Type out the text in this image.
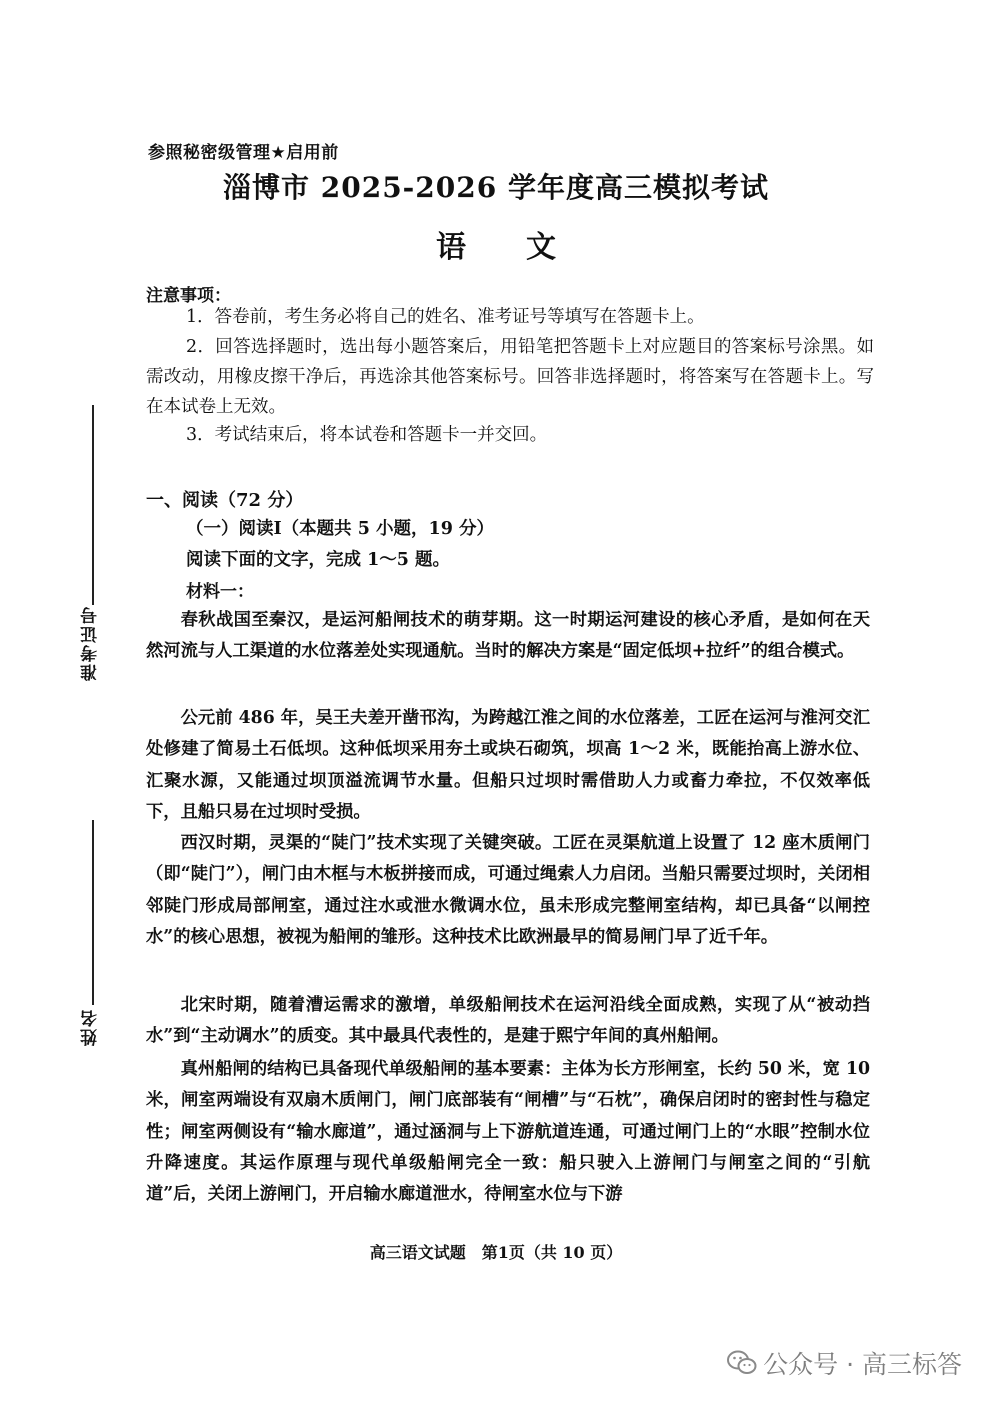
参照秘密级管理★启用前
淄博市 2025-2026 学年度高三模拟考试
语文
注意事项：
1．答卷前，考生务必将自己的姓名、准考证号等填写在答题卡上。
2．回答选择题时，选出每小题答案后，用铅笔把答题卡上对应题目的答案标号涂黑。如需改动，用橡皮擦干净后，再选涂其他答案标号。回答非选择题时，将答案写在答题卡上。写在本试卷上无效。
3．考试结束后，将本试卷和答题卡一并交回。
一、阅读（72 分）
（一）阅读Ⅰ（本题共 5 小题，19 分）
阅读下面的文字，完成 1～5 题。
材料一：
春秋战国至秦汉，是运河船闸技术的萌芽期。这一时期运河建设的核心矛盾，是如何在天然河流与人工渠道的水位落差处实现通航。当时的解决方案是“固定低坝+拉纤”的组合模式。
公元前 486 年，吴王夫差开凿邗沟，为跨越江淮之间的水位落差，工匠在运河与淮河交汇处修建了简易土石低坝。这种低坝采用夯土或块石砌筑，坝高 1～2 米，既能抬高上游水位、汇聚水源，又能通过坝顶溢流调节水量。但船只过坝时需借助人力或畜力牵拉，不仅效率低下，且船只易在过坝时受损。
西汉时期，灵渠的“陡门”技术实现了关键突破。工匠在灵渠航道上设置了 12 座木质闸门（即“陡门”），闸门由木框与木板拼接而成，可通过绳索人力启闭。当船只需要过坝时，关闭相邻陡门形成局部闸室，通过注水或泄水微调水位，虽未形成完整闸室结构，却已具备“以闸控水”的核心思想，被视为船闸的雏形。这种技术比欧洲最早的简易闸门早了近千年。
北宋时期，随着漕运需求的激增，单级船闸技术在运河沿线全面成熟，实现了从“被动挡水”到“主动调水”的质变。其中最具代表性的，是建于熙宁年间的真州船闸。
真州船闸的结构已具备现代单级船闸的基本要素：主体为长方形闸室，长约 50 米，宽 10 米，闸室两端设有双扇木质闸门，闸门底部装有“闸槽”与“石枕”，确保启闭时的密封性与稳定性；闸室两侧设有“输水廊道”，通过涵洞与上下游航道连通，可通过闸门上的“水眼”控制水位升降速度。其运作原理与现代单级船闸完全一致：船只驶入上游闸门与闸室之间的“引航道”后，关闭上游闸门，开启输水廊道泄水，待闸室水位与下游
准考证号
姓名
高三语文试题　第1页（共 10 页）
公众号 · 高三标答
